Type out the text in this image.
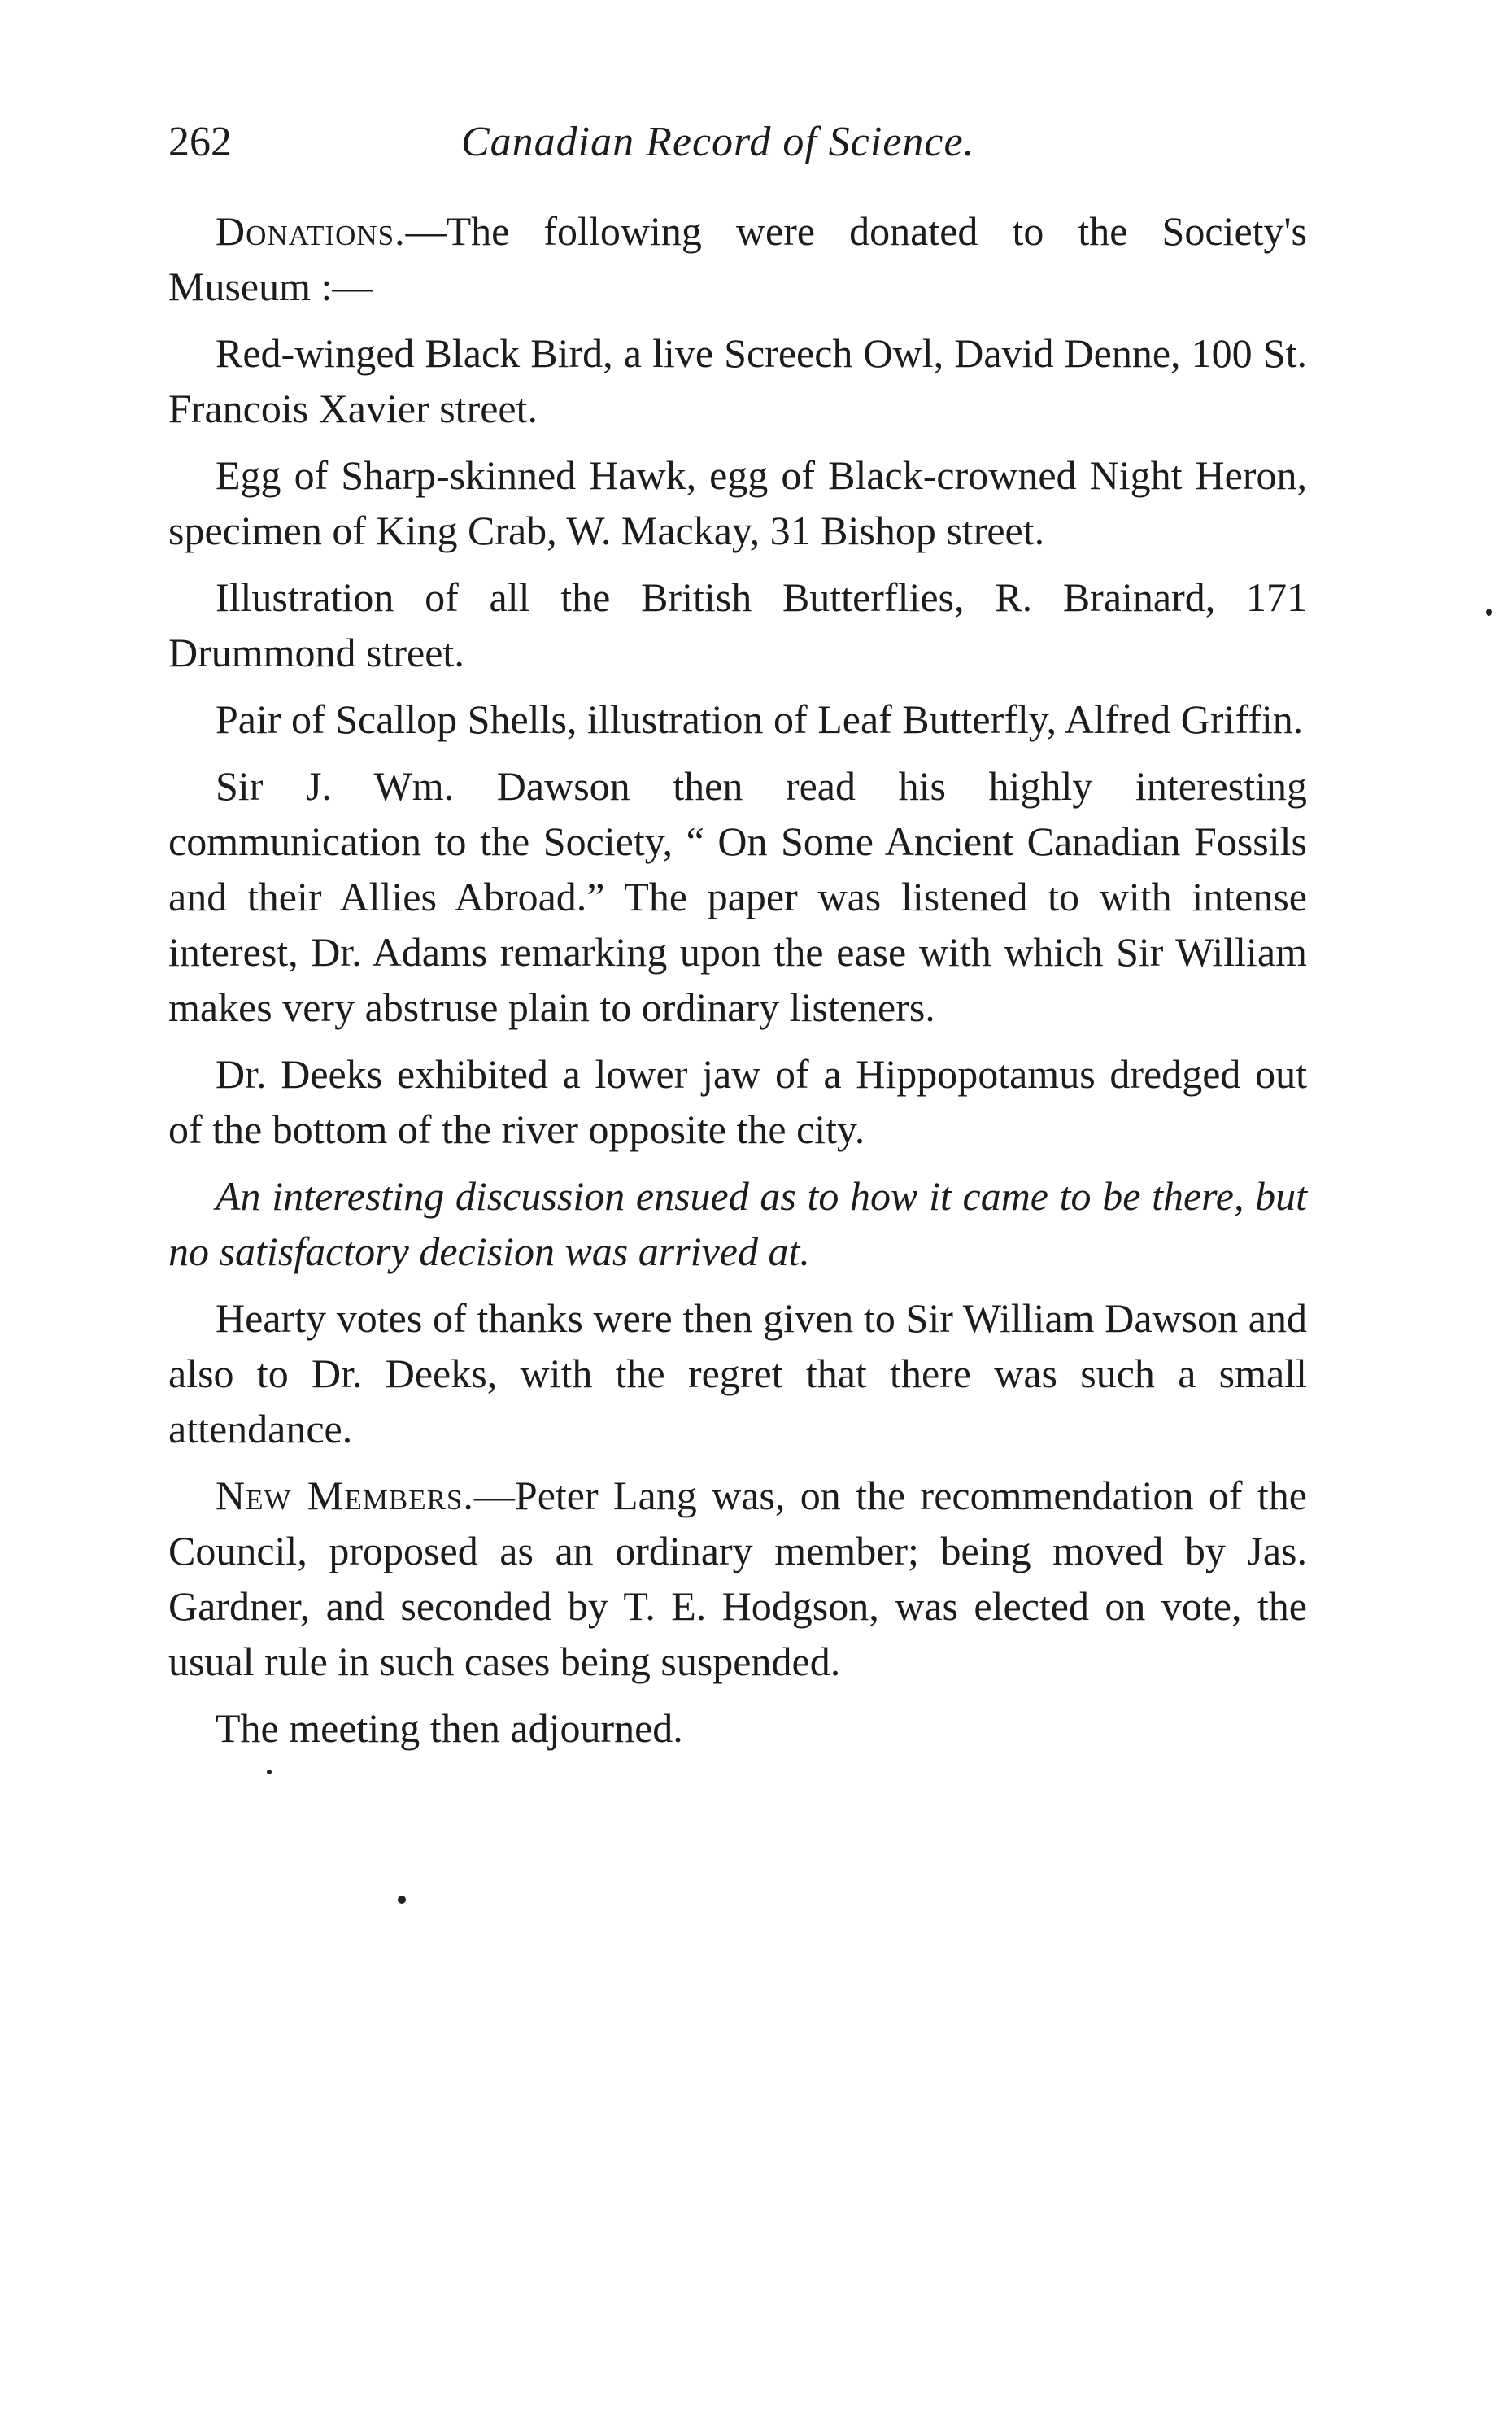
262	Canadian Record of Science.

Donations.—The following were donated to the Society's Museum :—

Red-winged Black Bird, a live Screech Owl, David Denne, 100 St. Francois Xavier street.

Egg of Sharp-skinned Hawk, egg of Black-crowned Night Heron, specimen of King Crab, W. Mackay, 31 Bishop street.

Illustration of all the British Butterflies, R. Brainard, 171 Drummond street.

Pair of Scallop Shells, illustration of Leaf Butterfly, Alfred Griffin.

Sir J. Wm. Dawson then read his highly interesting communication to the Society, “ On Some Ancient Canadian Fossils and their Allies Abroad.” The paper was listened to with intense interest, Dr. Adams remarking upon the ease with which Sir William makes very abstruse plain to ordinary listeners.

Dr. Deeks exhibited a lower jaw of a Hippopotamus dredged out of the bottom of the river opposite the city.

An interesting discussion ensued as to how it came to be there, but no satisfactory decision was arrived at.

Hearty votes of thanks were then given to Sir William Dawson and also to Dr. Deeks, with the regret that there was such a small attendance.

New Members.—Peter Lang was, on the recommendation of the Council, proposed as an ordinary member; being moved by Jas. Gardner, and seconded by T. E. Hodgson, was elected on vote, the usual rule in such cases being suspended.

The meeting then adjourned.
